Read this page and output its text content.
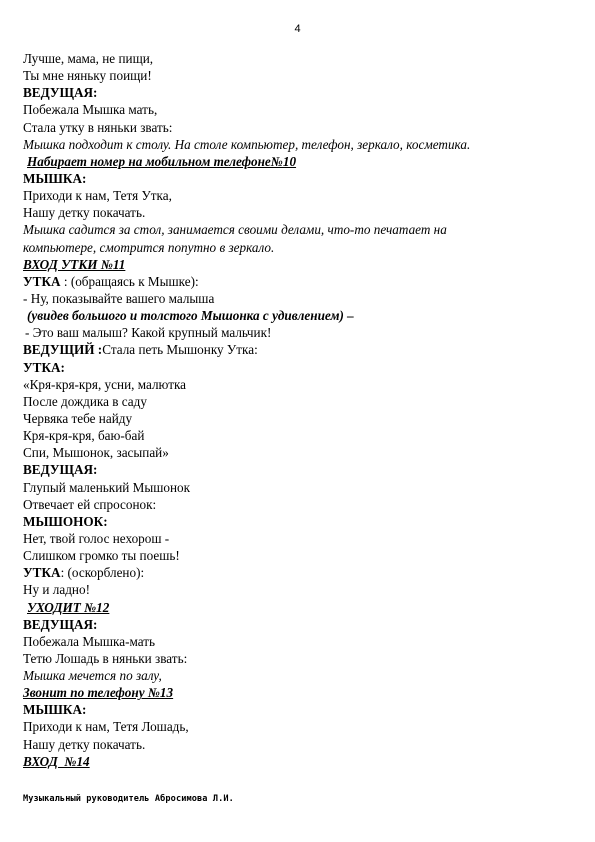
4
Лучше, мама, не пищи,
Ты мне няньку поищи!
ВЕДУЩАЯ:
Побежала Мышка мать,
Стала утку в няньки звать:
Мышка подходит к столу. На столе компьютер, телефон, зеркало, косметика.
Набирает номер на мобильном телефоне№10
МЫШКА:
Приходи к нам, Тетя Утка,
Нашу детку покачать.
Мышка садится за стол, занимается своими делами, что-то печатает на
компьютере, смотрится попутно в зеркало.
ВХОД УТКИ №11
УТКА : (обращаясь к Мышке):
- Ну, показывайте вашего малыша
(увидев большого и толстого Мышонка с удивлением) –
- Это ваш малыш? Какой крупный мальчик!
ВЕДУЩИЙ :Стала петь Мышонку Утка:
УТКА:
«Кря-кря-кря, усни, малютка
После дождика в саду
Червяка тебе найду
Кря-кря-кря, баю-бай
Спи, Мышонок, засыпай»
ВЕДУЩАЯ:
Глупый маленький Мышонок
Отвечает ей спросонок:
МЫШОНОК:
Нет, твой голос нехорош -
Слишком громко ты поешь!
УТКА: (оскорблено):
Ну и ладно!
УХОДИТ №12
ВЕДУЩАЯ:
Побежала Мышка-мать
Тетю Лошадь в няньки звать:
Мышка мечется по залу,
Звонит по телефону №13
МЫШКА:
Приходи к нам, Тетя Лошадь,
Нашу детку покачать.
ВХОД  №14
Музыкальный руководитель Абросимова Л.И.
